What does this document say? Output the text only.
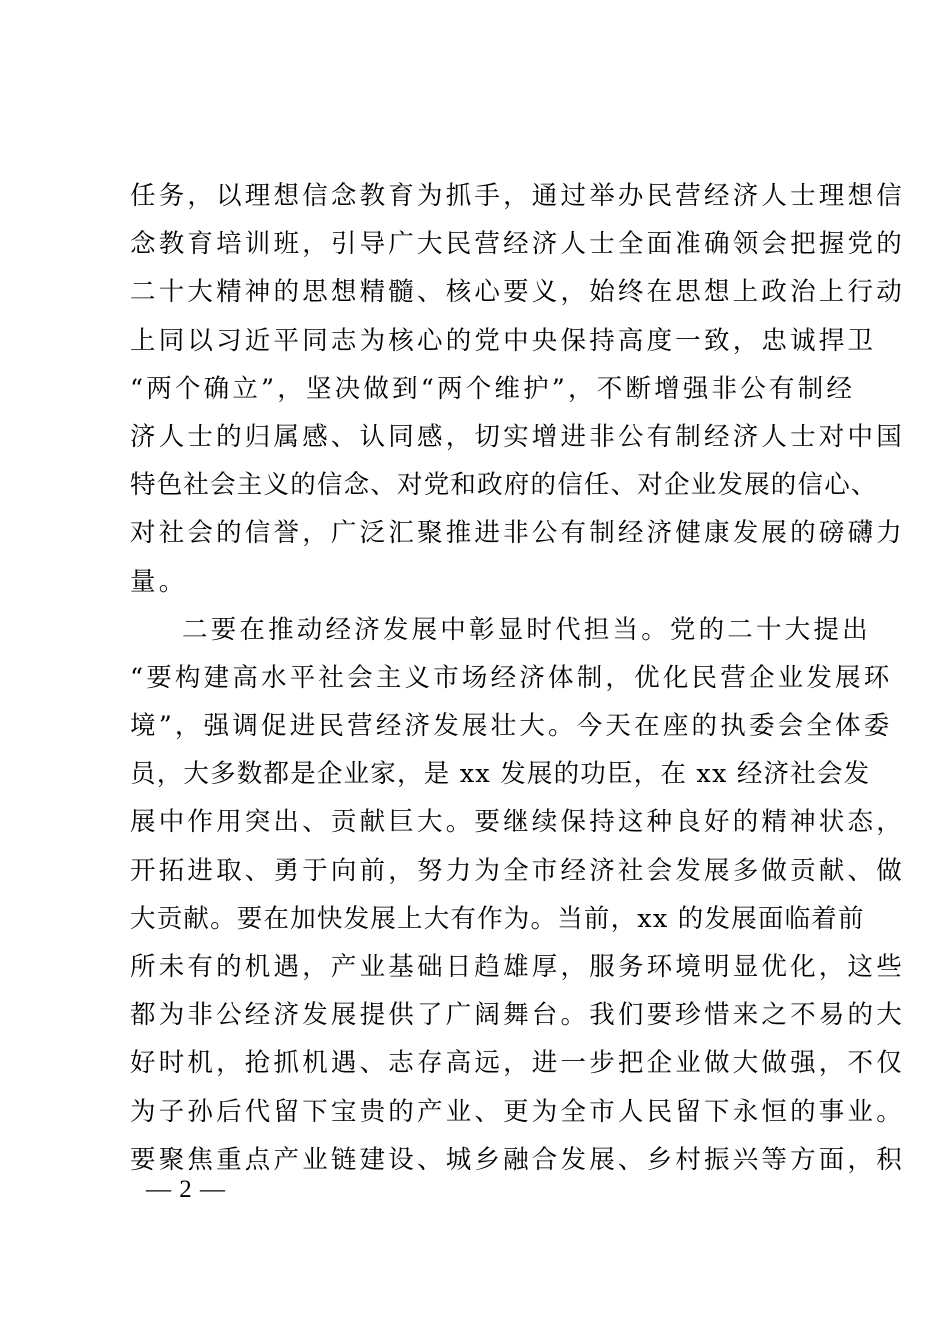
任务，以理想信念教育为抓手，通过举办民营经济人士理想信
念教育培训班，引导广大民营经济人士全面准确领会把握党的
二十大精神的思想精髓、核心要义，始终在思想上政治上行动
上同以习近平同志为核心的党中央保持高度一致，忠诚捍卫
“两个确立”，坚决做到“两个维护”，不断增强非公有制经
济人士的归属感、认同感，切实增进非公有制经济人士对中国
特色社会主义的信念、对党和政府的信任、对企业发展的信心、
对社会的信誉，广泛汇聚推进非公有制经济健康发展的磅礴力
量。
二要在推动经济发展中彰显时代担当。党的二十大提出
“要构建高水平社会主义市场经济体制，优化民营企业发展环
境”，强调促进民营经济发展壮大。今天在座的执委会全体委
员，大多数都是企业家，是 xx 发展的功臣，在 xx 经济社会发
展中作用突出、贡献巨大。要继续保持这种良好的精神状态，
开拓进取、勇于向前，努力为全市经济社会发展多做贡献、做
大贡献。要在加快发展上大有作为。当前，xx 的发展面临着前
所未有的机遇，产业基础日趋雄厚，服务环境明显优化，这些
都为非公经济发展提供了广阔舞台。我们要珍惜来之不易的大
好时机，抢抓机遇、志存高远，进一步把企业做大做强，不仅
为子孙后代留下宝贵的产业、更为全市人民留下永恒的事业。
要聚焦重点产业链建设、城乡融合发展、乡村振兴等方面，积
— 2 —
